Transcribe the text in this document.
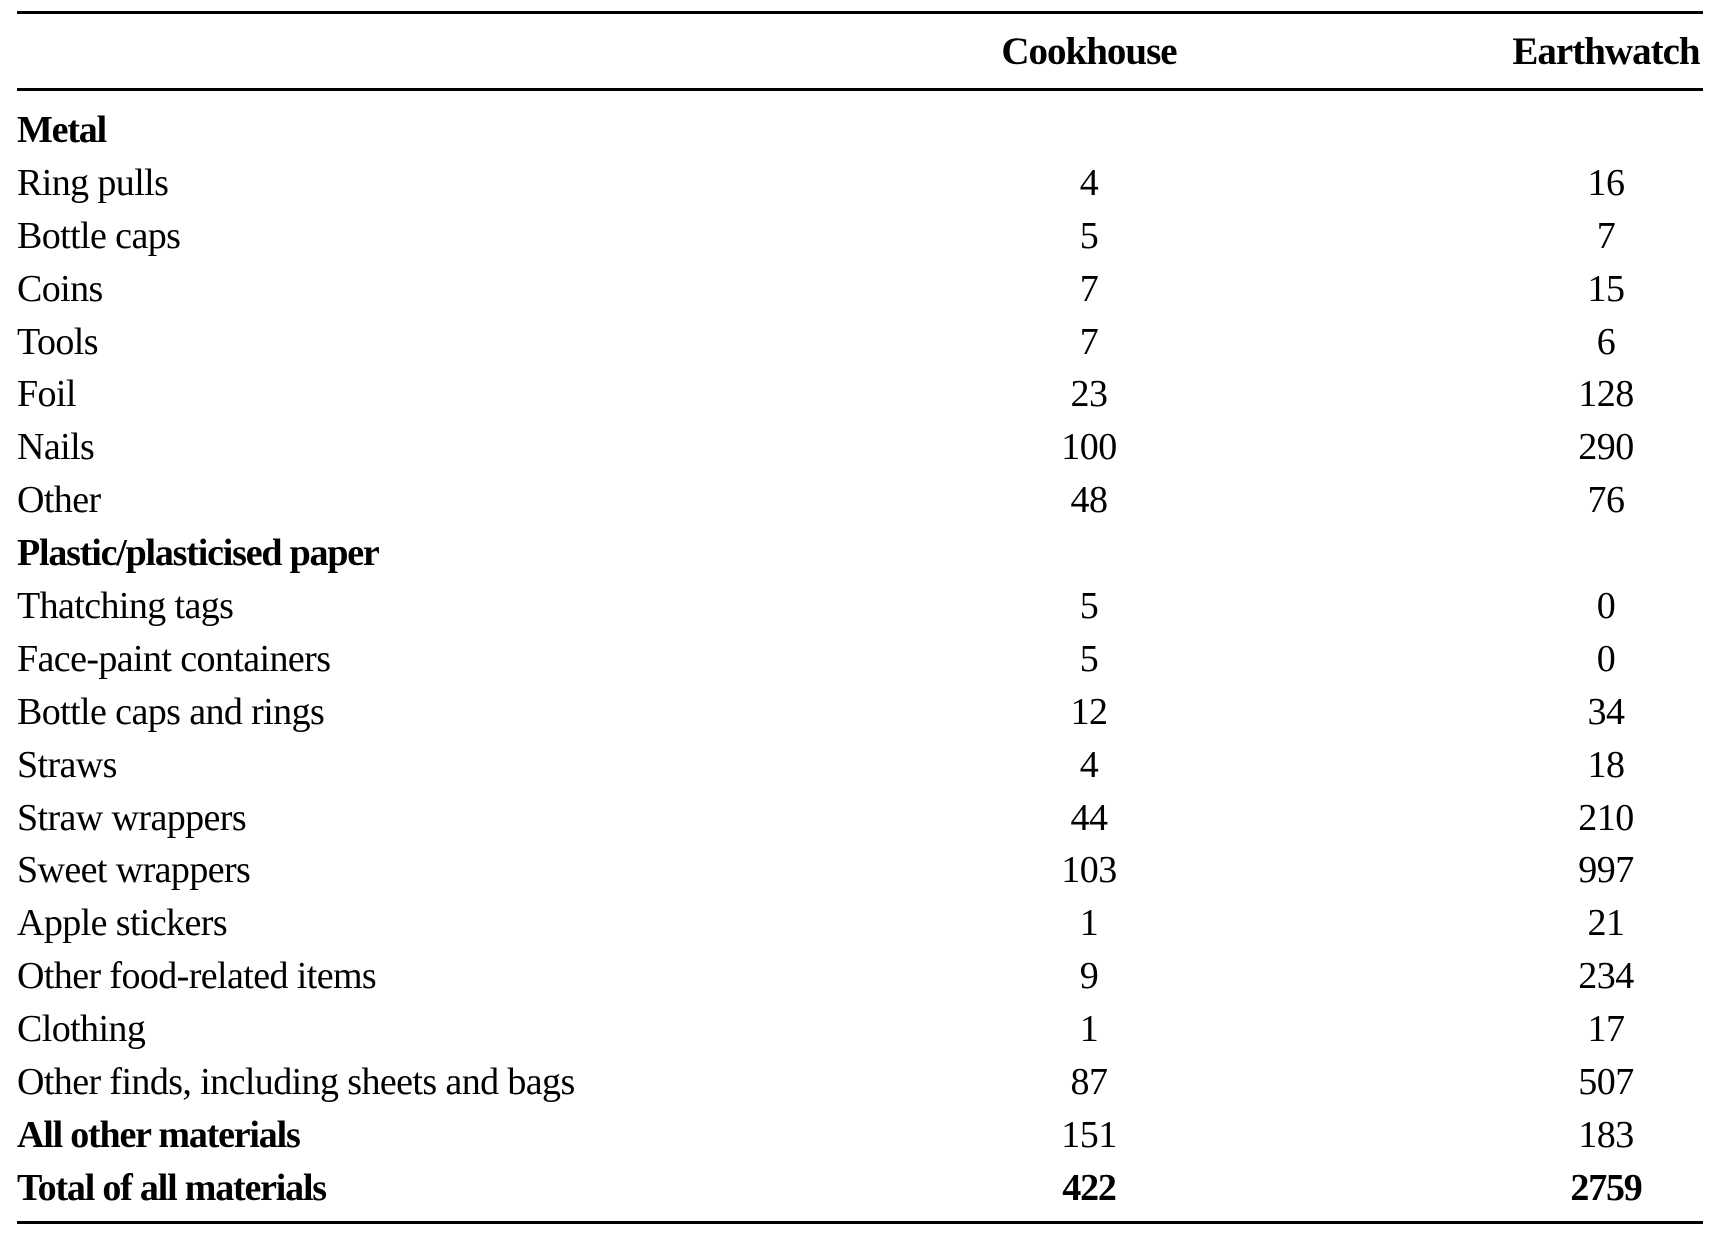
Cookhouse	Earthwatch
Metal
Ring pulls	4	16
Bottle caps	5	7
Coins	7	15
Tools	7	6
Foil	23	128
Nails	100	290
Other	48	76
Plastic/plasticised paper
Thatching tags	5	0
Face-paint containers	5	0
Bottle caps and rings	12	34
Straws	4	18
Straw wrappers	44	210
Sweet wrappers	103	997
Apple stickers	1	21
Other food-related items	9	234
Clothing	1	17
Other finds, including sheets and bags	87	507
All other materials	151	183
Total of all materials	422	2759
